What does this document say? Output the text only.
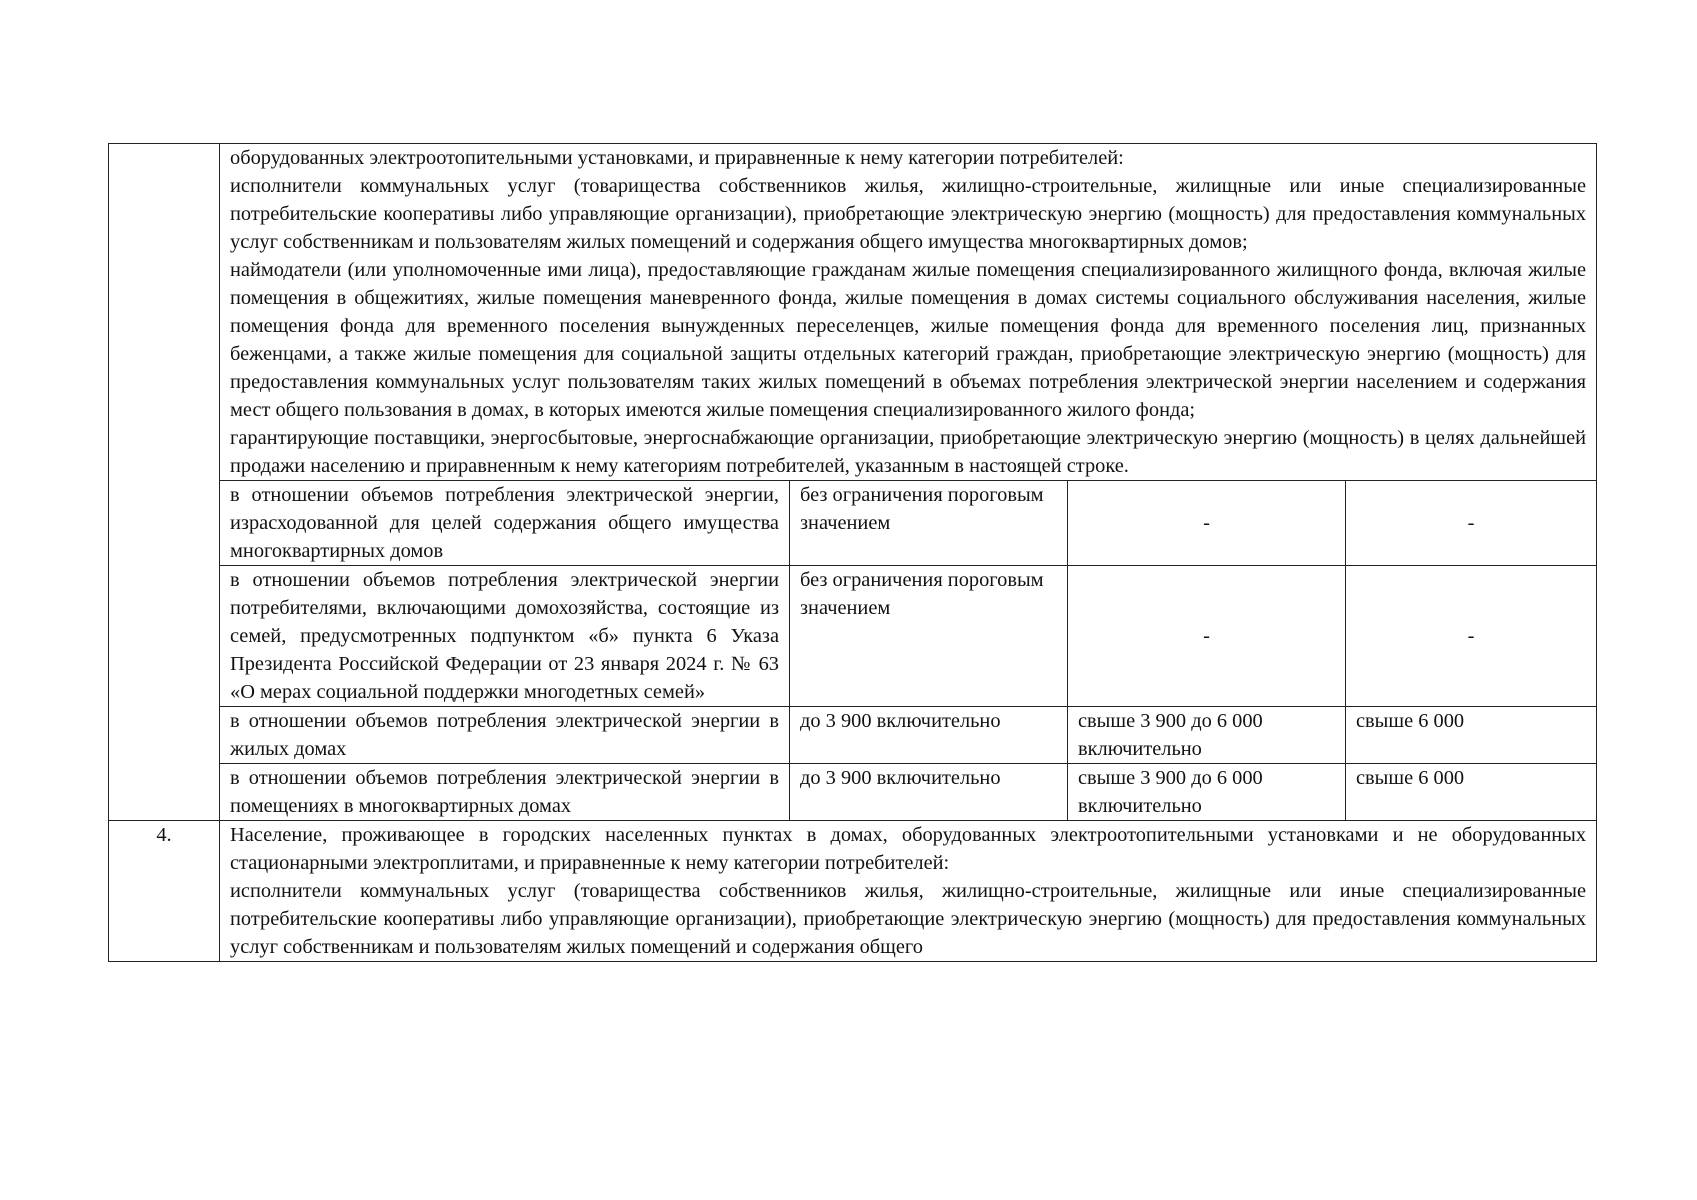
	оборудованных электроотопительными установками, и приравненные к нему категории потребителей:

исполнители коммунальных услуг (товарищества собственников жилья, жилищно-строительные, жилищные или иные специализированные потребительские кооперативы либо управляющие организации), приобретающие электрическую энергию (мощность) для предоставления коммунальных услуг собственникам и пользователям жилых помещений и содержания общего имущества многоквартирных домов;

наймодатели (или уполномоченные ими лица), предоставляющие гражданам жилые помещения специализированного жилищного фонда, включая жилые помещения в общежитиях, жилые помещения маневренного фонда, жилые помещения в домах системы социального обслуживания населения, жилые помещения фонда для временного поселения вынужденных переселенцев, жилые помещения фонда для временного поселения лиц, признанных беженцами, а также жилые помещения для социальной защиты отдельных категорий граждан, приобретающие электрическую энергию (мощность) для предоставления коммунальных услуг пользователям таких жилых помещений в объемах потребления электрической энергии населением и содержания мест общего пользования в домах, в которых имеются жилые помещения специализированного жилого фонда;

гарантирующие поставщики, энергосбытовые, энергоснабжающие организации, приобретающие электрическую энергию (мощность) в целях дальнейшей продажи населению и приравненным к нему категориям потребителей, указанным в настоящей строке.			

	в отношении объемов потребления электрической энергии, израсходованной для целей содержания общего имущества многоквартирных домов	без ограничения пороговым значением	-	-
	в отношении объемов потребления электрической энергии потребителями, включающими домохозяйства, состоящие из семей, предусмотренных подпунктом «б» пункта 6 Указа Президента Российской Федерации от 23 января 2024 г. № 63 «О мерах социальной поддержки многодетных семей»	без ограничения пороговым значением	-	-
	в отношении объемов потребления электрической энергии в жилых домах	до 3 900 включительно	свыше 3 900 до 6 000 включительно	свыше 6 000
	в отношении объемов потребления электрической энергии в помещениях в многоквартирных домах	до 3 900 включительно	свыше 3 900 до 6 000 включительно	свыше 6 000
4.	Население, проживающее в городских населенных пунктах в домах, оборудованных электроотопительными установками и не оборудованных стационарными электроплитами, и приравненные к нему категории потребителей:

исполнители коммунальных услуг (товарищества собственников жилья, жилищно-строительные, жилищные или иные специализированные потребительские кооперативы либо управляющие организации), приобретающие электрическую энергию (мощность) для предоставления коммунальных услуг собственникам и пользователям жилых помещений и содержания общего			
